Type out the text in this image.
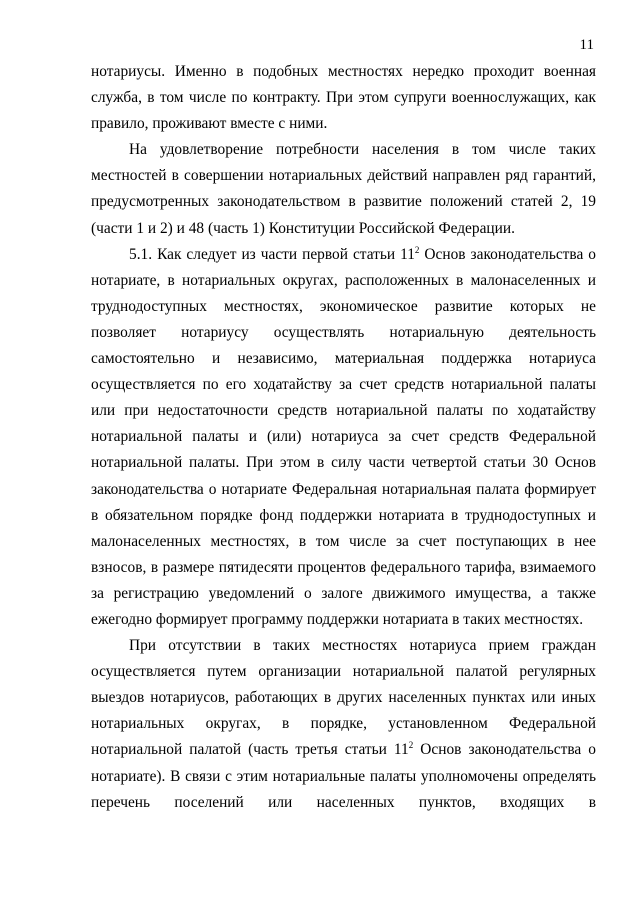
11

нотариусы. Именно в подобных местностях нередко проходит военная служба, в том числе по контракту. При этом супруги военнослужащих, как правило, проживают вместе с ними.

На удовлетворение потребности населения в том числе таких местностей в совершении нотариальных действий направлен ряд гарантий, предусмотренных законодательством в развитие положений статей 2, 19 (части 1 и 2) и 48 (часть 1) Конституции Российской Федерации.

5.1. Как следует из части первой статьи $11^2$ Основ законодательства о нотариате, в нотариальных округах, расположенных в малонаселенных и труднодоступных местностях, экономическое развитие которых не позволяет нотариусу осуществлять нотариальную деятельность самостоятельно и независимо, материальная поддержка нотариуса осуществляется по его ходатайству за счет средств нотариальной палаты или при недостаточности средств нотариальной палаты по ходатайству нотариальной палаты и (или) нотариуса за счет средств Федеральной нотариальной палаты. При этом в силу части четвертой статьи 30 Основ законодательства о нотариате Федеральная нотариальная палата формирует в обязательном порядке фонд поддержки нотариата в труднодоступных и малонаселенных местностях, в том числе за счет поступающих в нее взносов, в размере пятидесяти процентов федерального тарифа, взимаемого за регистрацию уведомлений о залоге движимого имущества, а также ежегодно формирует программу поддержки нотариата в таких местностях.

При отсутствии в таких местностях нотариуса прием граждан осуществляется путем организации нотариальной палатой регулярных выездов нотариусов, работающих в других населенных пунктах или иных нотариальных округах, в порядке, установленном Федеральной нотариальной палатой (часть третья статьи $11^2$ Основ законодательства о нотариате). В связи с этим нотариальные палаты уполномочены определять перечень поселений или населенных пунктов, входящих в
